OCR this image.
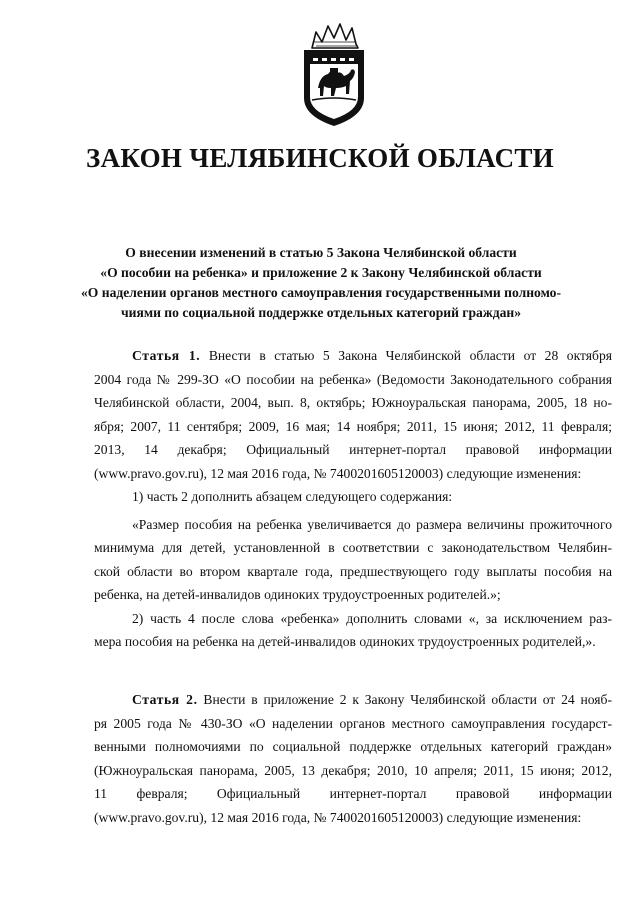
ЗАКОН ЧЕЛЯБИНСКОЙ ОБЛАСТИ
О внесении изменений в статью 5 Закона Челябинской области
«О пособии на ребенка» и приложение 2 к Закону Челябинской области
«О наделении органов местного самоуправления государственными полномо-
чиями по социальной поддержке отдельных категорий граждан»
Статья 1. Внести в статью 5 Закона Челябинской области от 28 октября
2004 года № 299-ЗО «О пособии на ребенка» (Ведомости Законодательного собрания
Челябинской области, 2004, вып. 8, октябрь; Южноуральская панорама, 2005, 18 но-
ября; 2007, 11 сентября; 2009, 16 мая; 14 ноября; 2011, 15 июня; 2012, 11 февраля;
2013, 14 декабря; Официальный интернет-портал правовой информации
(www.pravo.gov.ru), 12 мая 2016 года, № 7400201605120003) следующие изменения:
1) часть 2 дополнить абзацем следующего содержания:
«Размер пособия на ребенка увеличивается до размера величины прожиточного
минимума для детей, установленной в соответствии с законодательством Челябин-
ской области во втором квартале года, предшествующего году выплаты пособия на
ребенка, на детей-инвалидов одиноких трудоустроенных родителей.»;
2) часть 4 после слова «ребенка» дополнить словами «, за исключением раз-
мера пособия на ребенка на детей-инвалидов одиноких трудоустроенных родителей,».
Статья 2. Внести в приложение 2 к Закону Челябинской области от 24 нояб-
ря 2005 года № 430-ЗО «О наделении органов местного самоуправления государст-
венными полномочиями по социальной поддержке отдельных категорий граждан»
(Южноуральская панорама, 2005, 13 декабря; 2010, 10 апреля; 2011, 15 июня; 2012,
11 февраля; Официальный интернет-портал правовой информации
(www.pravo.gov.ru), 12 мая 2016 года, № 7400201605120003) следующие изменения:
